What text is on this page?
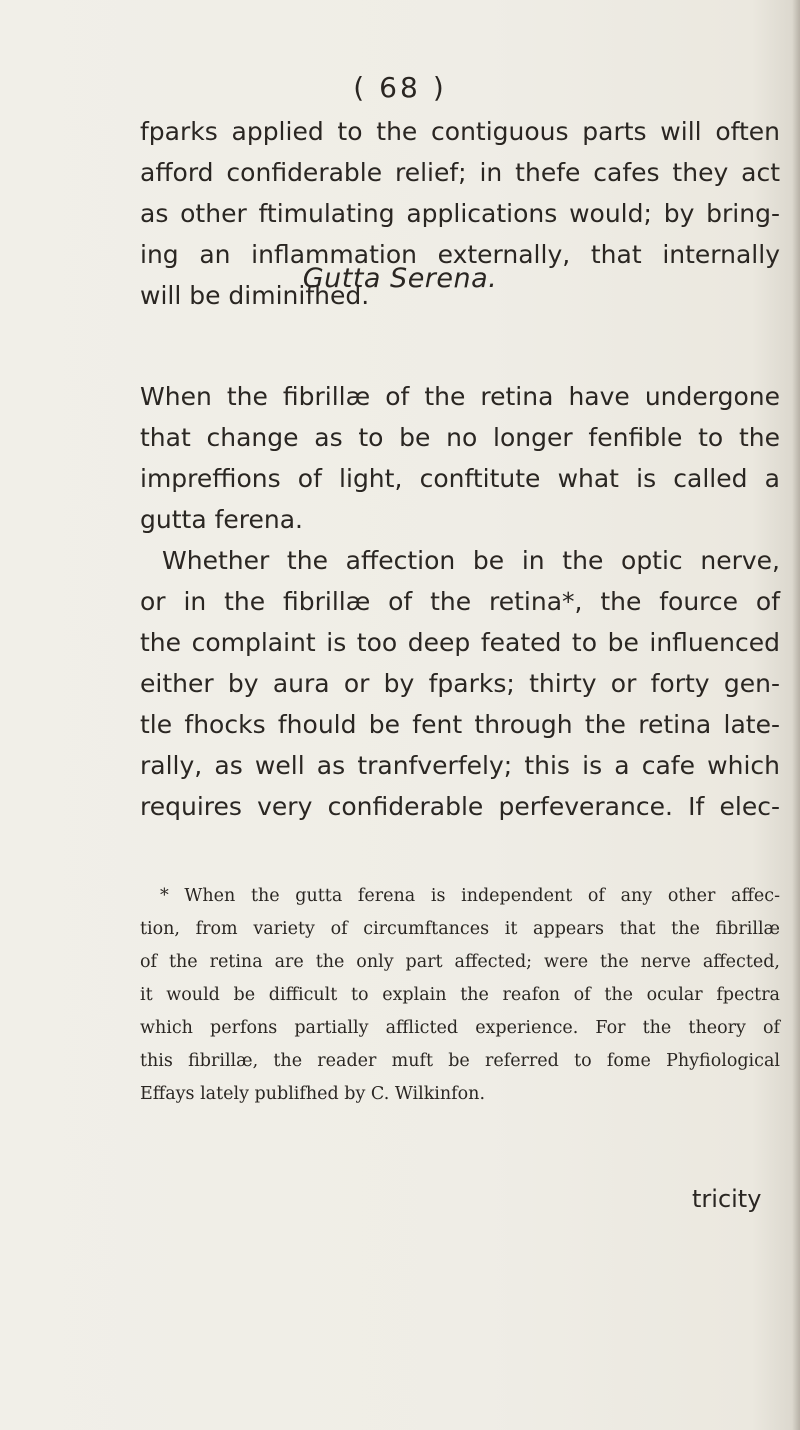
( 68 )
fparks applied to the contiguous parts will often
afford confiderable relief; in thefe cafes they act
as other ftimulating applications would; by bring-
ing an inflammation externally, that internally
will be diminifhed.
Gutta Serena.
When the fibrillæ of the retina have undergone
that change as to be no longer fenfible to the
impreffions of light, conftitute what is called a
gutta ferena.
Whether the affection be in the optic nerve,
or in the fibrillæ of the retina*, the fource of
the complaint is too deep feated to be influenced
either by aura or by fparks; thirty or forty gen-
tle fhocks fhould be fent through the retina late-
rally, as well as tranfverfely; this is a cafe which
requires very confiderable perfeverance. If elec-
* When the gutta ferena is independent of any other affec-
tion, from variety of circumftances it appears that the fibrillæ
of the retina are the only part affected; were the nerve affected,
it would be difficult to explain the reafon of the ocular fpectra
which perfons partially afflicted experience. For the theory of
this fibrillæ, the reader muft be referred to fome Phyfiological
Effays lately publifhed by C. Wilkinfon.
tricity
